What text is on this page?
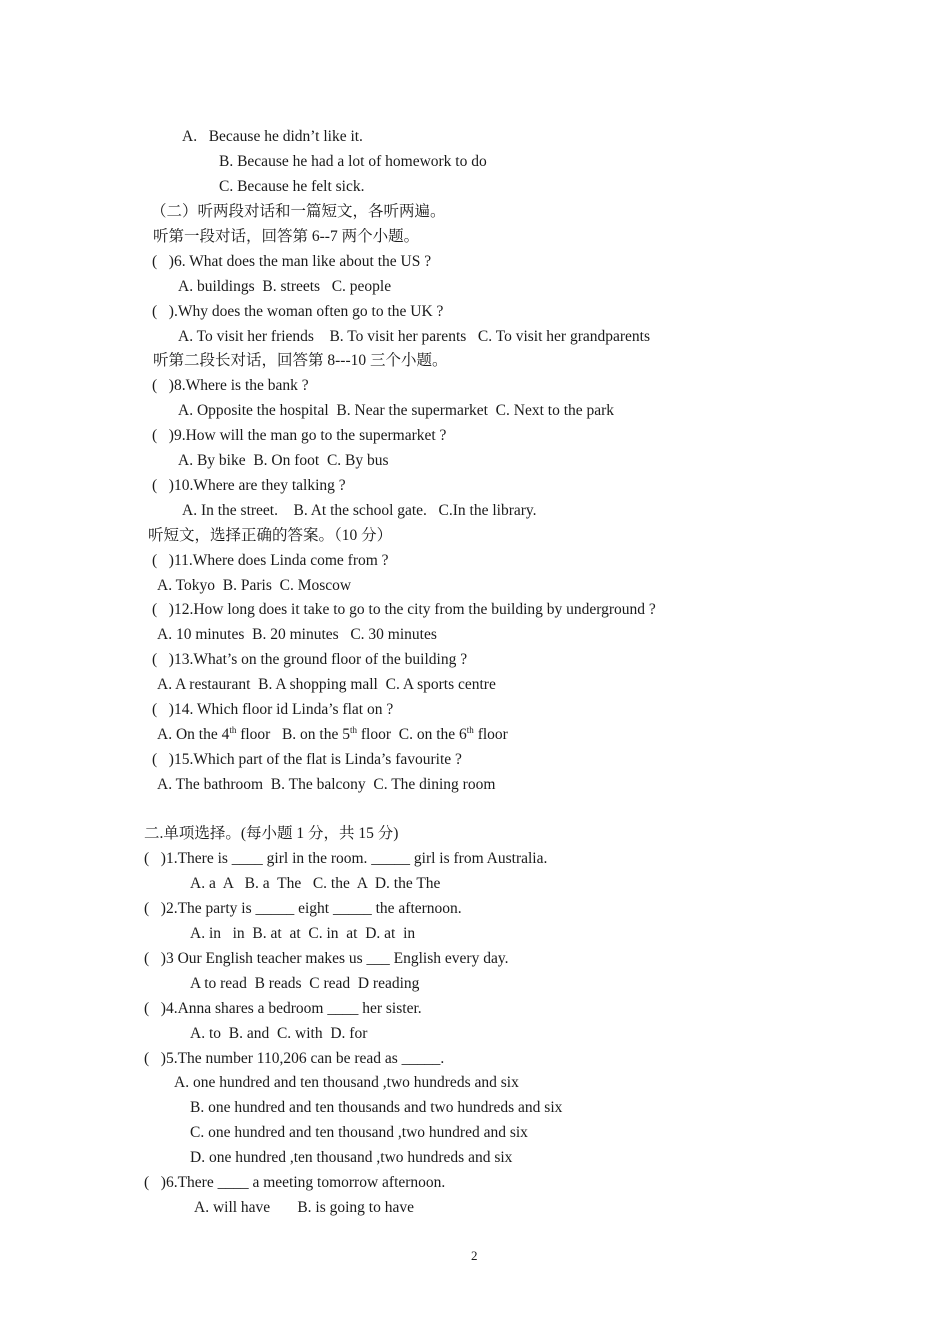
A.   Because he didn’t like it.
B. Because he had a lot of homework to do
C. Because he felt sick.
（二）听两段对话和一篇短文，各听两遍。
听第一段对话，回答第 6--7 两个小题。
(   )6. What does the man like about the US ?
A. buildings  B. streets   C. people
(   ).Why does the woman often go to the UK ?
A. To visit her friends    B. To visit her parents   C. To visit her grandparents
听第二段长对话，回答第 8---10 三个小题。
(   )8.Where is the bank ?
A. Opposite the hospital  B. Near the supermarket  C. Next to the park
(   )9.How will the man go to the supermarket ?
A. By bike  B. On foot  C. By bus
(   )10.Where are they talking ?
A. In the street.    B. At the school gate.   C.In the library.
听短文，选择正确的答案。（10 分）
(   )11.Where does Linda come from ?
A. Tokyo  B. Paris  C. Moscow
(   )12.How long does it take to go to the city from the building by underground ?
A. 10 minutes  B. 20 minutes   C. 30 minutes
(   )13.What’s on the ground floor of the building ?
A. A restaurant  B. A shopping mall  C. A sports centre
(   )14. Which floor id Linda’s flat on ?
A. On the 4th floor   B. on the 5th floor  C. on the 6th floor
(   )15.Which part of the flat is Linda’s favourite ?
A. The bathroom  B. The balcony  C. The dining room
二.单项选择。(每小题 1 分，共 15 分)
(   )1.There is ____ girl in the room. _____ girl is from Australia.
A. a  A   B. a  The   C. the  A  D. the The
(   )2.The party is _____ eight _____ the afternoon.
A. in   in  B. at  at  C. in  at  D. at  in
(   )3 Our English teacher makes us ___ English every day.
A to read  B reads  C read  D reading
(   )4.Anna shares a bedroom ____ her sister.
A. to  B. and  C. with  D. for
(   )5.The number 110,206 can be read as _____.
A. one hundred and ten thousand ,two hundreds and six
B. one hundred and ten thousands and two hundreds and six
C. one hundred and ten thousand ,two hundred and six
D. one hundred ,ten thousand ,two hundreds and six
(   )6.There ____ a meeting tomorrow afternoon.
A. will have       B. is going to have
2
